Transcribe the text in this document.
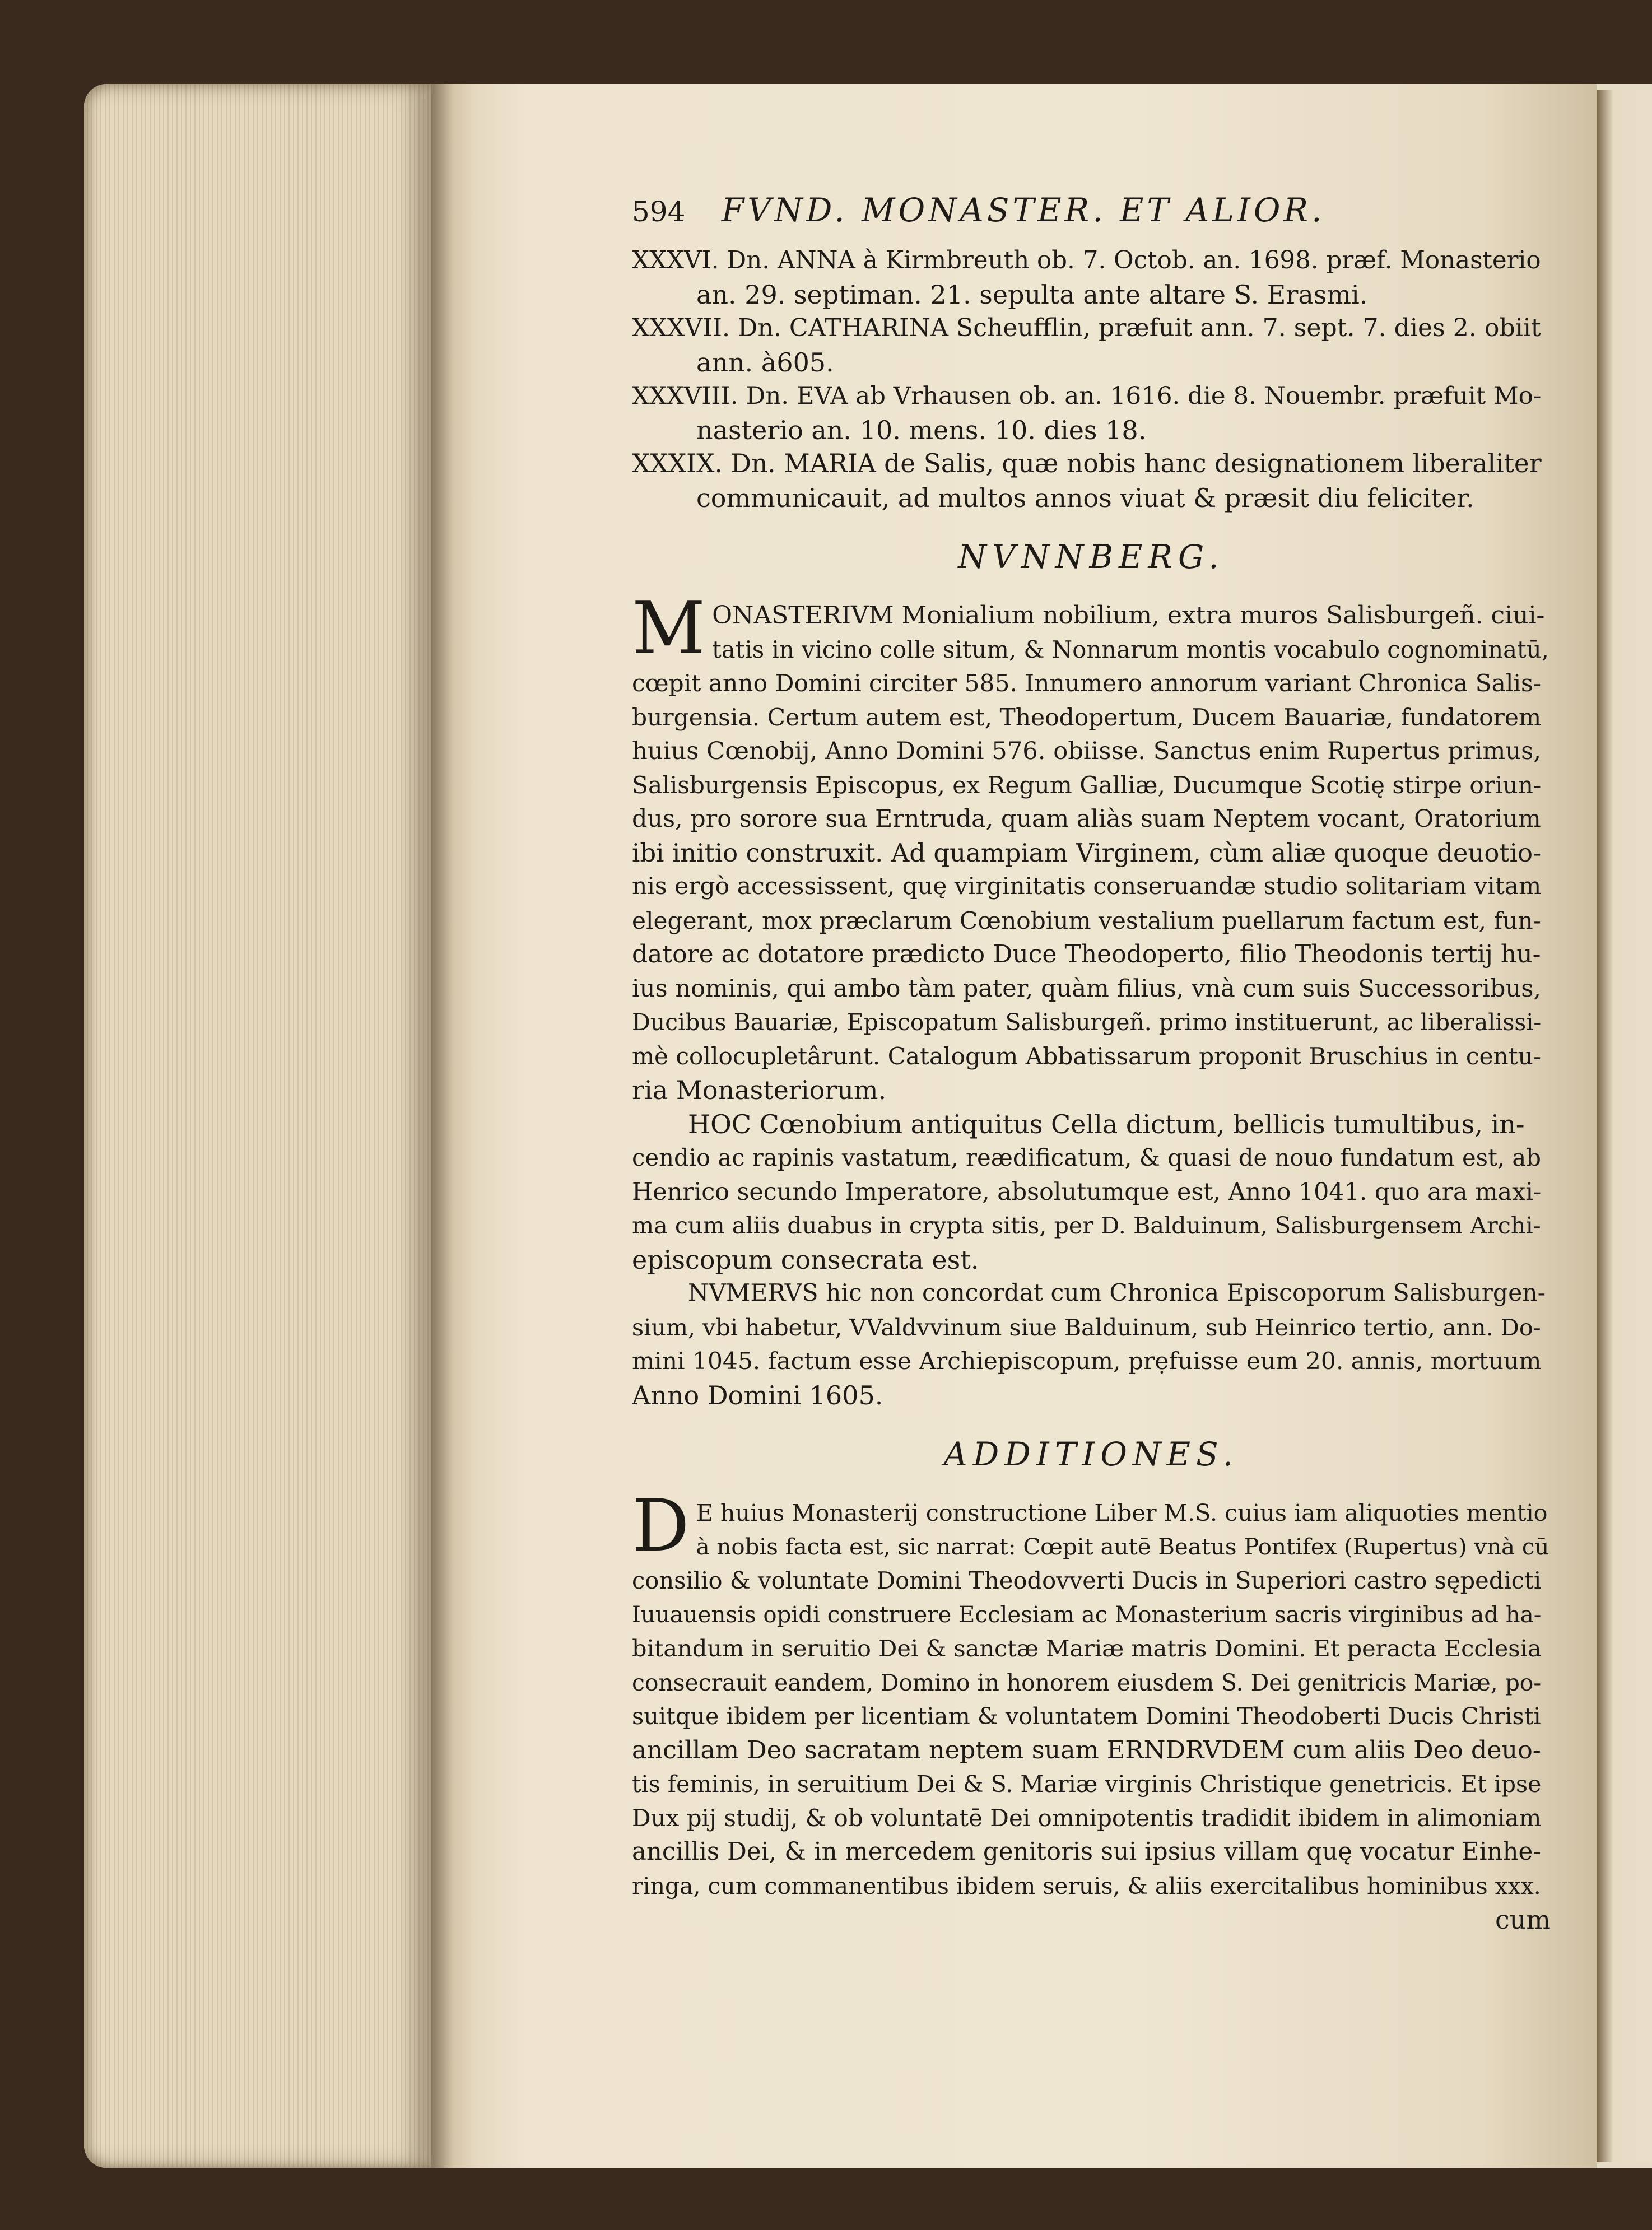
594	FVND. MONASTER. ET ALIOR.
XXXVI. Dn. ANNA à Kirmbreuth ob. 7. Octob. an. 1698. præf. Monasterio
an. 29. septiman. 21. sepulta ante altare S. Erasmi.
XXXVII. Dn. CATHARINA Scheufflin, præfuit ann. 7. sept. 7. dies 2. obiit
ann. à605.
XXXVIII. Dn. EVA ab Vrhausen ob. an. 1616. die 8. Nouembr. præfuit Mo-
nasterio an. 10. mens. 10. dies 18.
XXXIX. Dn. MARIA de Salis, quæ nobis hanc designationem liberaliter
communicauit, ad multos annos viuat & præsit diu feliciter.
NVNNBERG.
M ONASTERIVM Monialium nobilium, extra muros Salisburgeñ. ciui-
tatis in vicino colle situm, & Nonnarum montis vocabulo cognominatū,
cœpit anno Domini circiter 585. Innumero annorum variant Chronica Salis-
burgensia. Certum autem est, Theodopertum, Ducem Bauariæ, fundatorem
huius Cœnobij, Anno Domini 576. obiisse. Sanctus enim Rupertus primus,
Salisburgensis Episcopus, ex Regum Galliæ, Ducumque Scotię stirpe oriun-
dus, pro sorore sua Erntruda, quam aliàs suam Neptem vocant, Oratorium
ibi initio construxit. Ad quampiam Virginem, cùm aliæ quoque deuotio-
nis ergò accessissent, quę virginitatis conseruandæ studio solitariam vitam
elegerant, mox præclarum Cœnobium vestalium puellarum factum est, fun-
datore ac dotatore prædicto Duce Theodoperto, filio Theodonis tertij hu-
ius nominis, qui ambo tàm pater, quàm filius, vnà cum suis Successoribus,
Ducibus Bauariæ, Episcopatum Salisburgeñ. primo instituerunt, ac liberalissi-
mè collocupletârunt. Catalogum Abbatissarum proponit Bruschius in centu-
ria Monasteriorum.
HOC Cœnobium antiquitus Cella dictum, bellicis tumultibus, in-
cendio ac rapinis vastatum, reædificatum, & quasi de nouo fundatum est, ab
Henrico secundo Imperatore, absolutumque est, Anno 1041. quo ara maxi-
ma cum aliis duabus in crypta sitis, per D. Balduinum, Salisburgensem Archi-
episcopum consecrata est.
NVMERVS hic non concordat cum Chronica Episcoporum Salisburgen-
sium, vbi habetur, VValdvvinum siue Balduinum, sub Heinrico tertio, ann. Do-
mini 1045. factum esse Archiepiscopum, prẹfuisse eum 20. annis, mortuum
Anno Domini 1605.
ADDITIONES.
D E huius Monasterij constructione Liber M.S. cuius iam aliquoties mentio
à nobis facta est, sic narrat: Cœpit autē Beatus Pontifex (Rupertus) vnà cū
consilio & voluntate Domini Theodovverti Ducis in Superiori castro sępedicti
Iuuauensis opidi construere Ecclesiam ac Monasterium sacris virginibus ad ha-
bitandum in seruitio Dei & sanctæ Mariæ matris Domini. Et peracta Ecclesia
consecrauit eandem, Domino in honorem eiusdem S. Dei genitricis Mariæ, po-
suitque ibidem per licentiam & voluntatem Domini Theodoberti Ducis Christi
ancillam Deo sacratam neptem suam ERNDRVDEM cum aliis Deo deuo-
tis feminis, in seruitium Dei & S. Mariæ virginis Christique genetricis. Et ipse
Dux pij studij, & ob voluntatē Dei omnipotentis tradidit ibidem in alimoniam
ancillis Dei, & in mercedem genitoris sui ipsius villam quę vocatur Einhe-
ringa, cum commanentibus ibidem seruis, & aliis exercitalibus hominibus xxx.
cum
